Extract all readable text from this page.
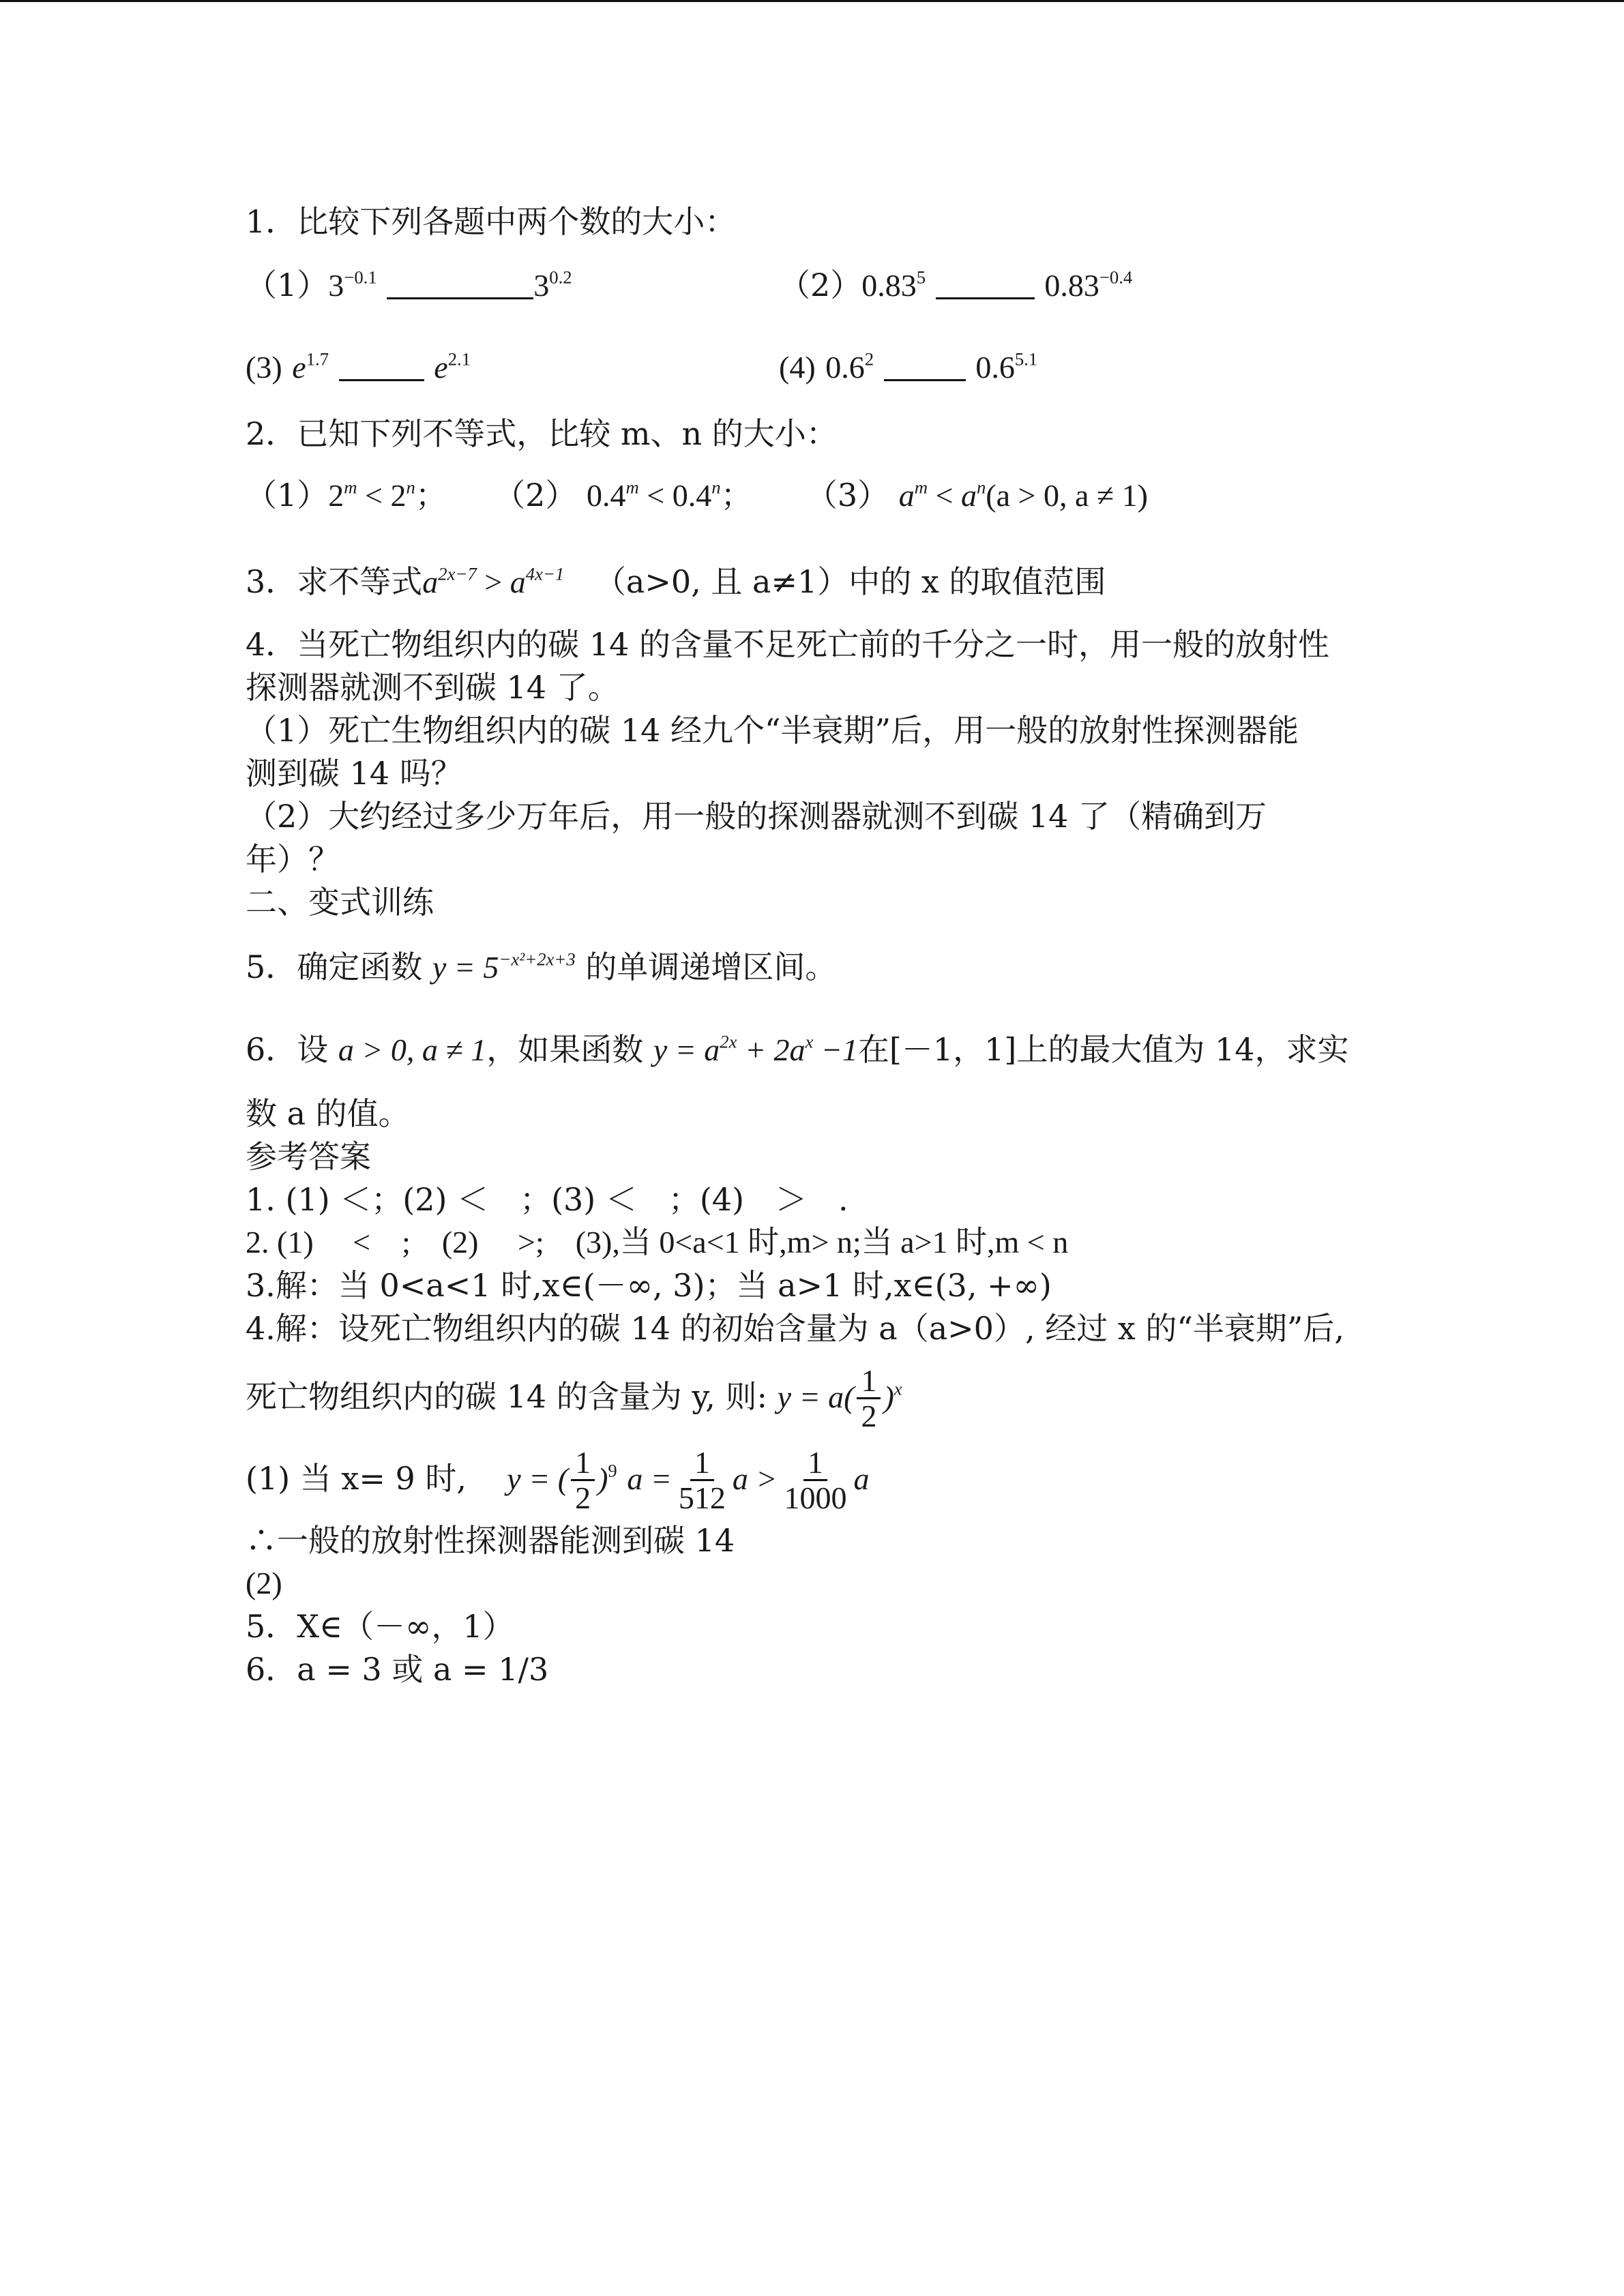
1．比较下列各题中两个数的大小：
$(1)3^{-0.1}$	$3^{0.2}$	（2）0.83$^5$	$0.83^{-0.4}$
(3) $e^{1.7}$	$e^{2.1}$	(4) $0.6^2$	$0.6^{5.1}$
2．已知下列不等式，比较 m、n 的大小：
$(1)2^m < 2^n$； （2） $0.4^m < 0.4^n$； （3） $a^m < a^n(a > 0$, a ≠ 1)
3．求不等式$a^{2x-7} > a^{4x-1}$ （a>0, 且 a≠1）中的 x 的取值范围
4．当死亡物组织内的碳 14 的含量不足死亡前的千分之一时，用一般的放射性
探测器就测不到碳 14 了。
（1）死亡生物组织内的碳 14 经九个“半衰期”后，用一般的放射性探测器能
测到碳 14 吗？
（2）大约经过多少万年后，用一般的探测器就测不到碳 14 了（精确到万
年）？
二、变式训练
5．确定函数 $y = 5^{-x^2+2x+3}$ 的单调递增区间。
6．设 a > 0, a ≠ 1，如果函数 $y = a^{2x} + 2a^x -1$在[－1，1]上的最大值为 14，求实
数 a 的值。
参考答案
1. (1) ＜；(2) ＜　；(3) ＜　；(4)　＞　.
2. (1)　 <　;　(2)　 >;　(3),当 0<a<1 时,m> n;当 a>1 时,m < n
3.解：当 0<a<1 时,x∈(－∞, 3)；当 a>1 时,x∈(3, +∞)
4.解：设死亡物组织内的碳 14 的初始含量为 a（a>0）, 经过 x 的“半衰期”后,
死亡物组织内的碳 14 的含量为 y, 则: $y = a( \frac{1}{2} )^x$
(1) 当 x= 9 时, y = ( $\frac{1}{2} )^9$ $a = \frac{1}{512}$ $a > \frac{1}{1000}$ a
∴一般的放射性探测器能测到碳 14
(2)
5．X∈（－∞，1）
6．a = 3 或 a = 1/3
